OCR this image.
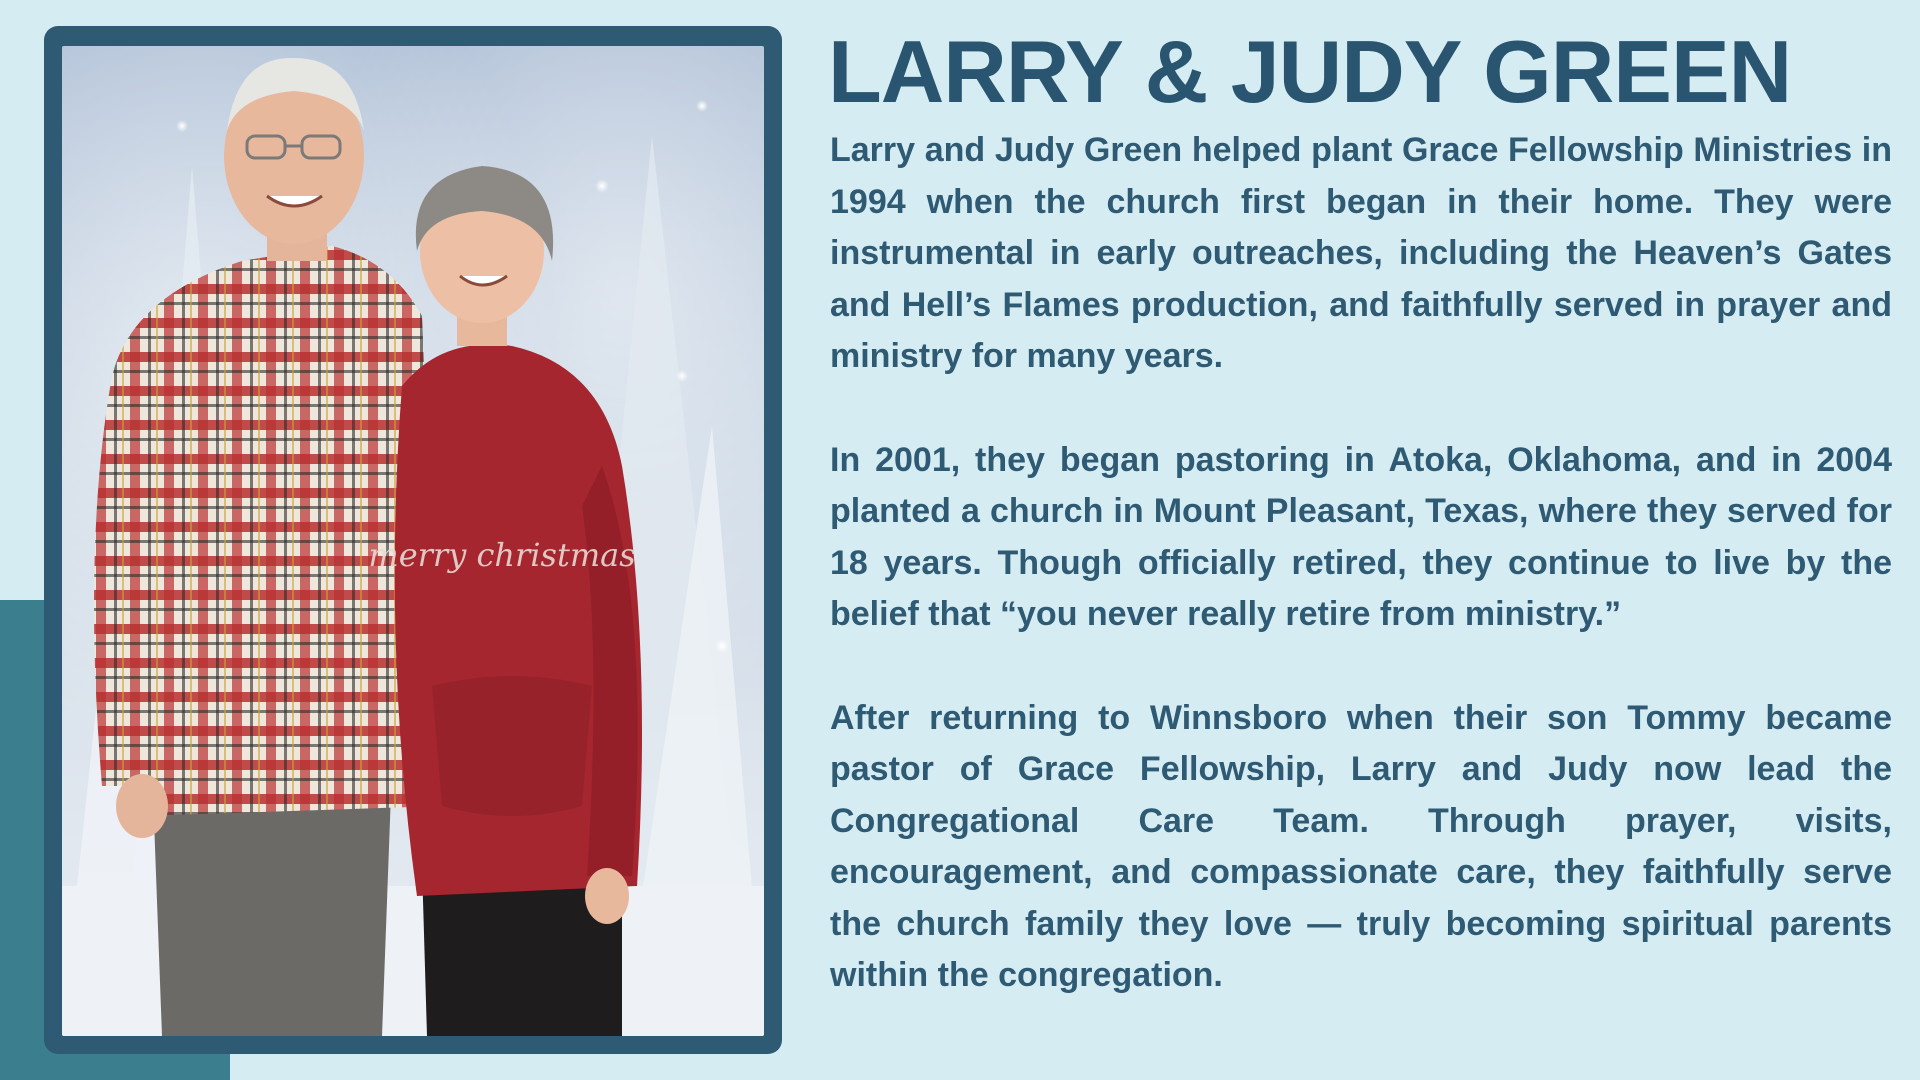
merry christmas
LARRY & JUDY GREEN

Larry and Judy Green helped plant Grace Fellowship Ministries in 1994 when the church first began in their home. They were instrumental in early outreaches, including the Heaven’s Gates and Hell’s Flames production, and faithfully served in prayer and ministry for many years.

In 2001, they began pastoring in Atoka, Oklahoma, and in 2004 planted a church in Mount Pleasant, Texas, where they served for 18 years. Though officially retired, they continue to live by the belief that “you never really retire from ministry.”

After returning to Winnsboro when their son Tommy became pastor of Grace Fellowship, Larry and Judy now lead the Congregational Care Team. Through prayer, visits, encouragement, and compassionate care, they faithfully serve the church family they love — truly becoming spiritual parents within the congregation.
